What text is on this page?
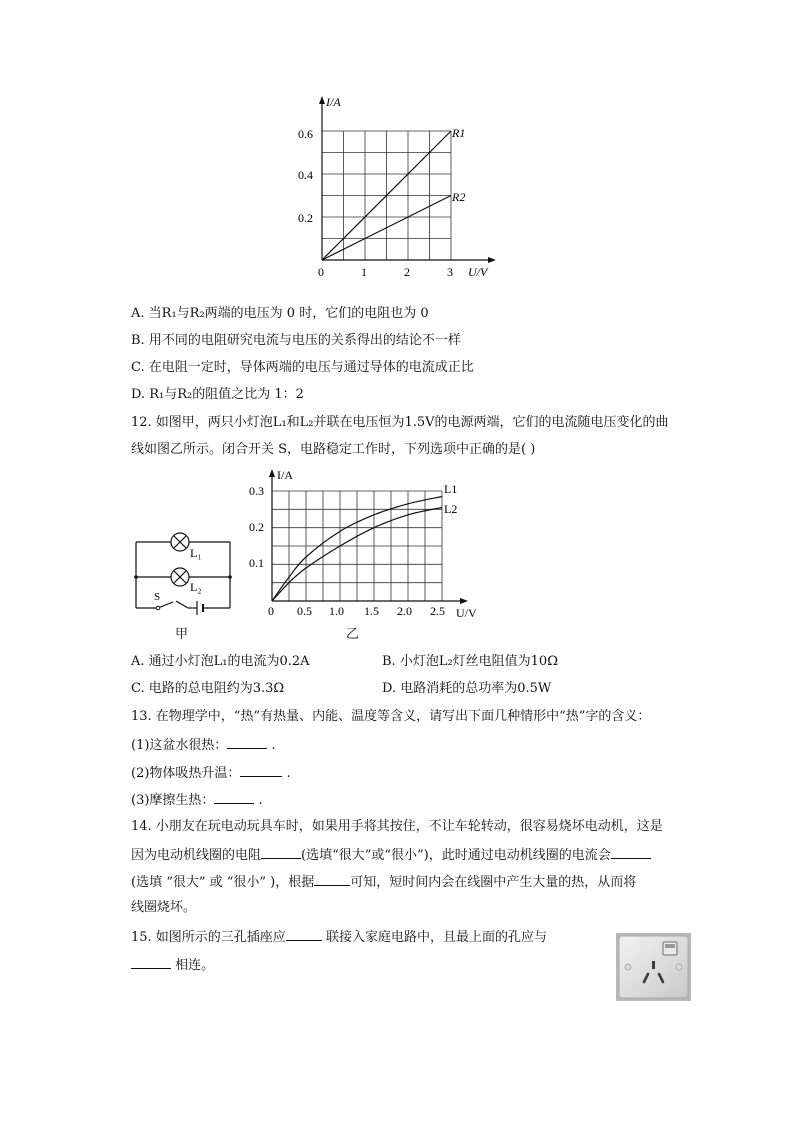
I/A
U/V
0.6
0.4
0.2
0	1	2	3
R1
R2
A. 当R₁与R₂两端的电压为 0 时，它们的电阻也为 0
B. 用不同的电阻研究电流与电压的关系得出的结论不一样
C. 在电阻一定时，导体两端的电压与通过导体的电流成正比
D. R₁与R₂的阻值之比为 1：2
12. 如图甲，两只小灯泡L₁和L₂并联在电压恒为1.5V的电源两端，它们的电流随电压变化的曲
线如图乙所示。闭合开关 S，电路稳定工作时，下列选项中正确的是( )
L₁
L₂
S
甲
I/A
U/V
0.3
0.2
0.1
0 0.5 1.0 1.5 2.0 2.5
L1
L2
乙
A. 通过小灯泡L₁的电流为0.2A	B. 小灯泡L₂灯丝电阻值为10Ω
C. 电路的总电阻约为3.3Ω	D. 电路消耗的总功率为0.5W
13. 在物理学中，“热”有热量、内能、温度等含义，请写出下面几种情形中“热”字的含义：
(1)这盆水很热：	.
(2)物体吸热升温：	.
(3)摩擦生热：	.
14. 小朋友在玩电动玩具车时，如果用手将其按住，不让车轮转动，很容易烧坏电动机，这是
因为电动机线圈的电阻	(选填“很大”或“很小”)，此时通过电动机线圈的电流会
(选填 “很大” 或 “很小” )，根据	可知，短时间内会在线圈中产生大量的热，从而将
线圈烧坏。
15. 如图所示的三孔插座应	联接入家庭电路中，且最上面的孔应与
相连。
